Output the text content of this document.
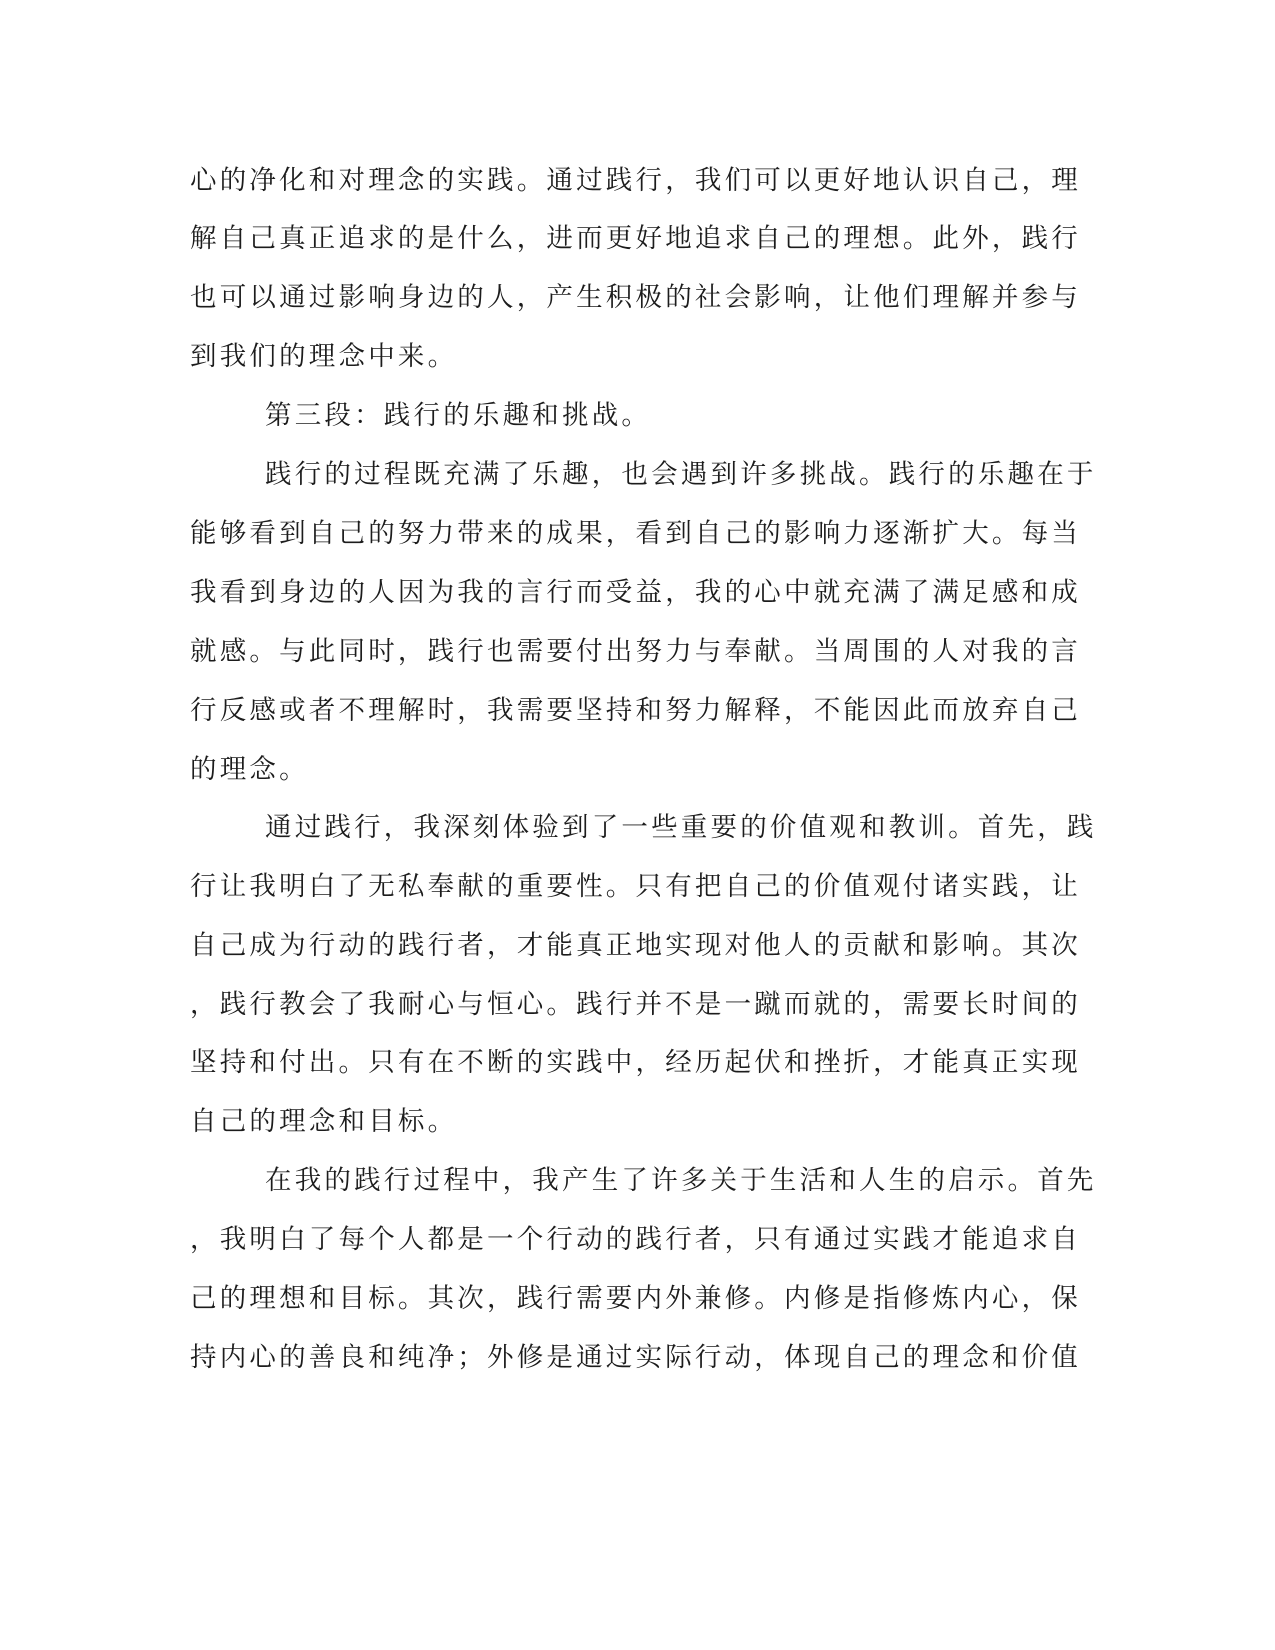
心的净化和对理念的实践。通过践行，我们可以更好地认识自己，理
解自己真正追求的是什么，进而更好地追求自己的理想。此外，践行
也可以通过影响身边的人，产生积极的社会影响，让他们理解并参与
到我们的理念中来。
第三段：践行的乐趣和挑战。
践行的过程既充满了乐趣，也会遇到许多挑战。践行的乐趣在于
能够看到自己的努力带来的成果，看到自己的影响力逐渐扩大。每当
我看到身边的人因为我的言行而受益，我的心中就充满了满足感和成
就感。与此同时，践行也需要付出努力与奉献。当周围的人对我的言
行反感或者不理解时，我需要坚持和努力解释，不能因此而放弃自己
的理念。
通过践行，我深刻体验到了一些重要的价值观和教训。首先，践
行让我明白了无私奉献的重要性。只有把自己的价值观付诸实践，让
自己成为行动的践行者，才能真正地实现对他人的贡献和影响。其次
，践行教会了我耐心与恒心。践行并不是一蹴而就的，需要长时间的
坚持和付出。只有在不断的实践中，经历起伏和挫折，才能真正实现
自己的理念和目标。
在我的践行过程中，我产生了许多关于生活和人生的启示。首先
，我明白了每个人都是一个行动的践行者，只有通过实践才能追求自
己的理想和目标。其次，践行需要内外兼修。内修是指修炼内心，保
持内心的善良和纯净；外修是通过实际行动，体现自己的理念和价值
